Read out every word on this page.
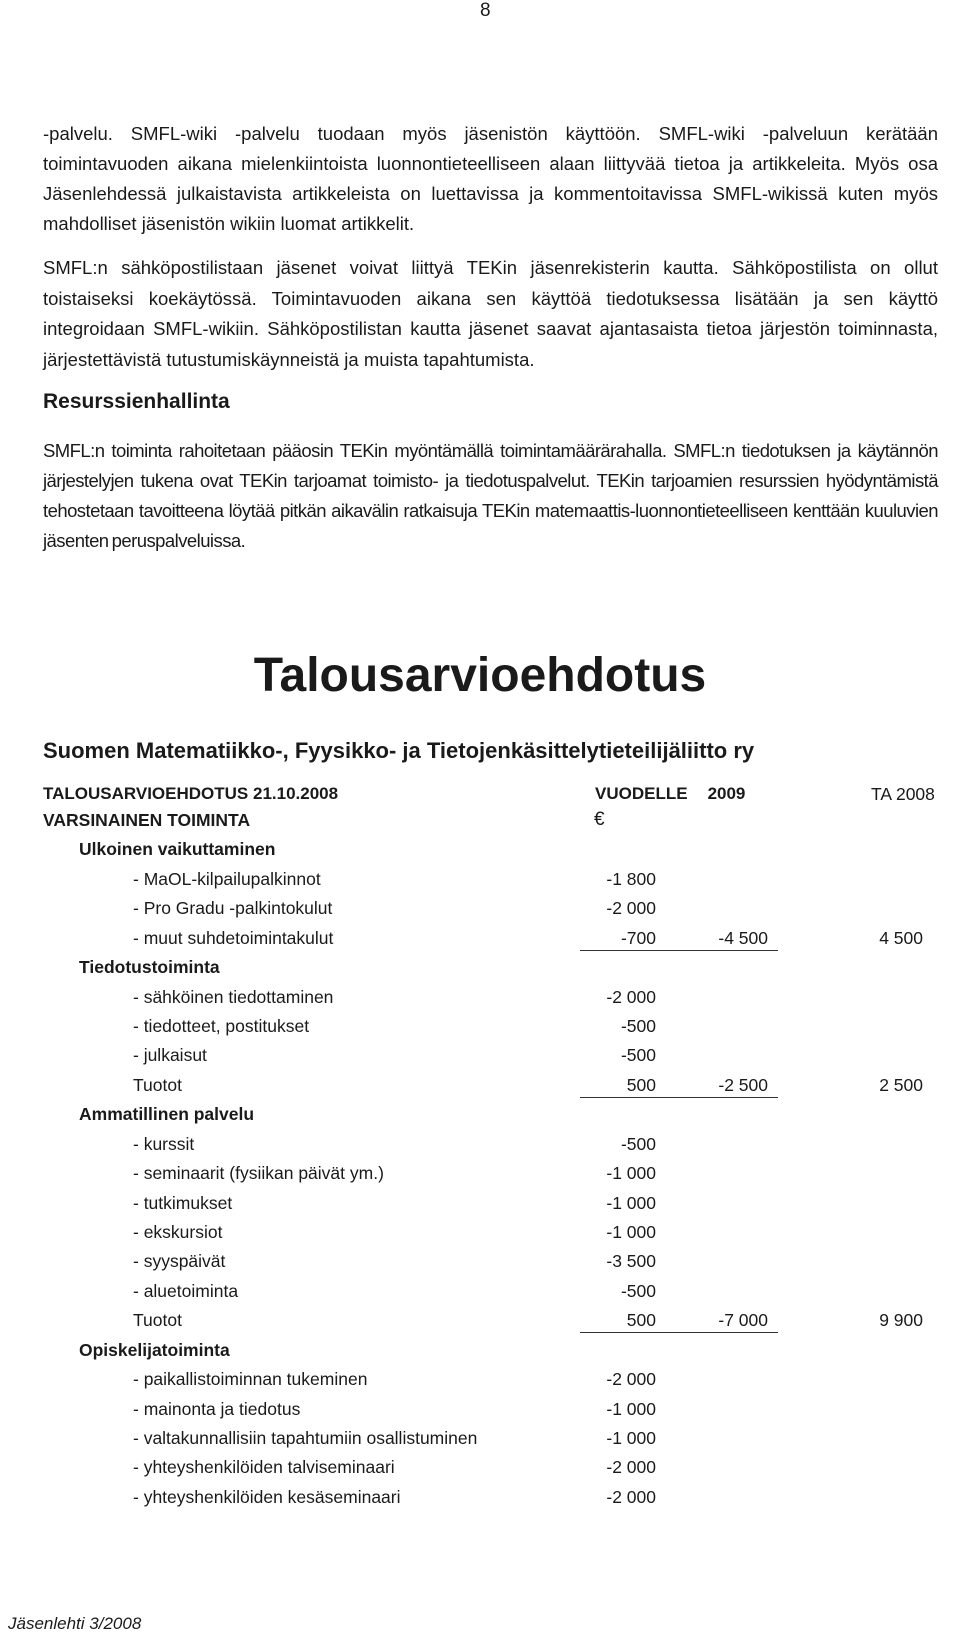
8

-palvelu. SMFL-wiki -palvelu tuodaan myös jäsenistön käyttöön. SMFL-wiki -palveluun kerätään toimintavuoden aikana mielenkiintoista luonnontieteelliseen alaan liittyvää tietoa ja artikkeleita. Myös osa Jäsenlehdessä julkaistavista artikkeleista on luettavissa ja kommentoitavissa SMFL-wikissä kuten myös mahdolliset jäsenistön wikiin luomat artikkelit.

SMFL:n sähköpostilistaan jäsenet voivat liittyä TEKin jäsenrekisterin kautta. Sähköpostilista on ollut toistaiseksi koekäytössä. Toimintavuoden aikana sen käyttöä tiedotuksessa lisätään ja sen käyttö integroidaan SMFL-wikiin. Sähköpostilistan kautta jäsenet saavat ajantasaista tietoa järjestön toiminnasta, järjestettävistä tutustumiskäynneistä ja muista tapahtumista.

Resurssienhallinta

SMFL:n toiminta rahoitetaan pääosin TEKin myöntämällä toimintamäärärahalla. SMFL:n tiedotuksen ja käytännön järjestelyjen tukena ovat TEKin tarjoamat toimisto- ja tiedotuspalvelut. TEKin tarjoamien resurssien hyödyntämistä tehostetaan tavoitteena löytää pitkän aikavälin ratkaisuja TEKin matemaattis-luonnontieteelliseen kenttään kuuluvien jäsenten peruspalveluissa.

Talousarvioehdotus
Suomen Matematiikko-, Fyysikko- ja Tietojenkäsittelytieteilijäliitto ry
TALOUSARVIOEHDOTUS 21.10.2008	VUODELLE 2009	TA 2008
VARSINAINEN TOIMINTA	€
Ulkoinen vaikuttaminen
- MaOL-kilpailupalkinnot	-1 800
- Pro Gradu -palkintokulut	-2 000
- muut suhdetoimintakulut	-700	-4 500	4 500
Tiedotustoiminta
- sähköinen tiedottaminen	-2 000
- tiedotteet, postitukset	-500
- julkaisut	-500
Tuotot	500	-2 500	2 500
Ammatillinen palvelu
- kurssit	-500
- seminaarit (fysiikan päivät ym.)	-1 000
- tutkimukset	-1 000
- ekskursiot	-1 000
- syyspäivät	-3 500
- aluetoiminta	-500
Tuotot	500	-7 000	9 900
Opiskelijatoiminta
- paikallistoiminnan tukeminen	-2 000
- mainonta ja tiedotus	-1 000
- valtakunnallisiin tapahtumiin osallistuminen	-1 000
- yhteyshenkilöiden talviseminaari	-2 000
- yhteyshenkilöiden kesäseminaari	-2 000
Jäsenlehti 3/2008
